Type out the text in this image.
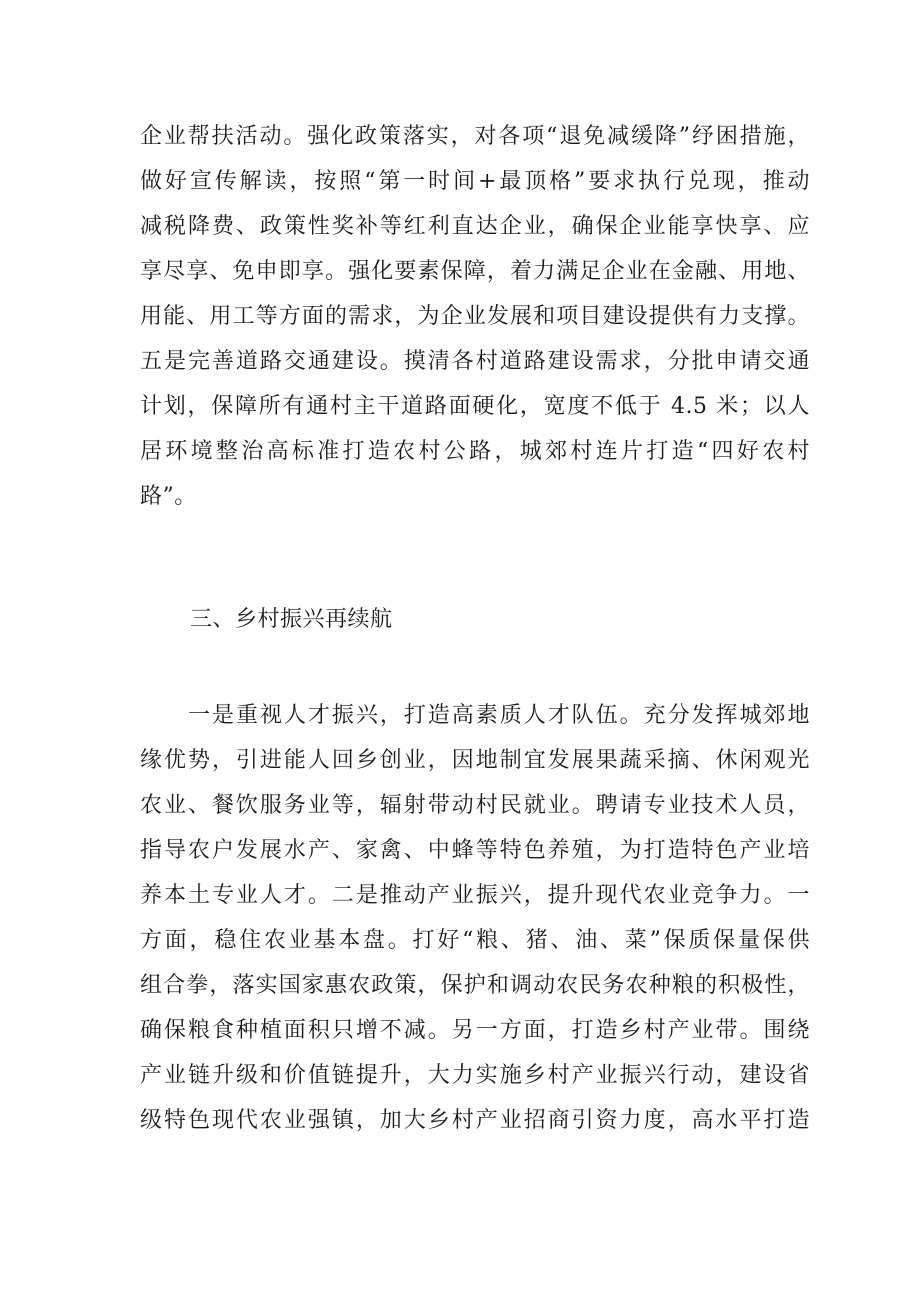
企业帮扶活动。强化政策落实，对各项“退免减缓降”纾困措施，
做好宣传解读，按照“第一时间+最顶格”要求执行兑现，推动
减税降费、政策性奖补等红利直达企业，确保企业能享快享、应
享尽享、免申即享。强化要素保障，着力满足企业在金融、用地、
用能、用工等方面的需求，为企业发展和项目建设提供有力支撑。
五是完善道路交通建设。摸清各村道路建设需求，分批申请交通
计划，保障所有通村主干道路面硬化，宽度不低于 4.5 米；以人
居环境整治高标准打造农村公路，城郊村连片打造“四好农村
路”。
三、乡村振兴再续航
一是重视人才振兴，打造高素质人才队伍。充分发挥城郊地
缘优势，引进能人回乡创业，因地制宜发展果蔬采摘、休闲观光
农业、餐饮服务业等，辐射带动村民就业。聘请专业技术人员，
指导农户发展水产、家禽、中蜂等特色养殖，为打造特色产业培
养本土专业人才。二是推动产业振兴，提升现代农业竞争力。一
方面，稳住农业基本盘。打好“粮、猪、油、菜”保质保量保供
组合拳，落实国家惠农政策，保护和调动农民务农种粮的积极性，
确保粮食种植面积只增不减。另一方面，打造乡村产业带。围绕
产业链升级和价值链提升，大力实施乡村产业振兴行动，建设省
级特色现代农业强镇，加大乡村产业招商引资力度，高水平打造
